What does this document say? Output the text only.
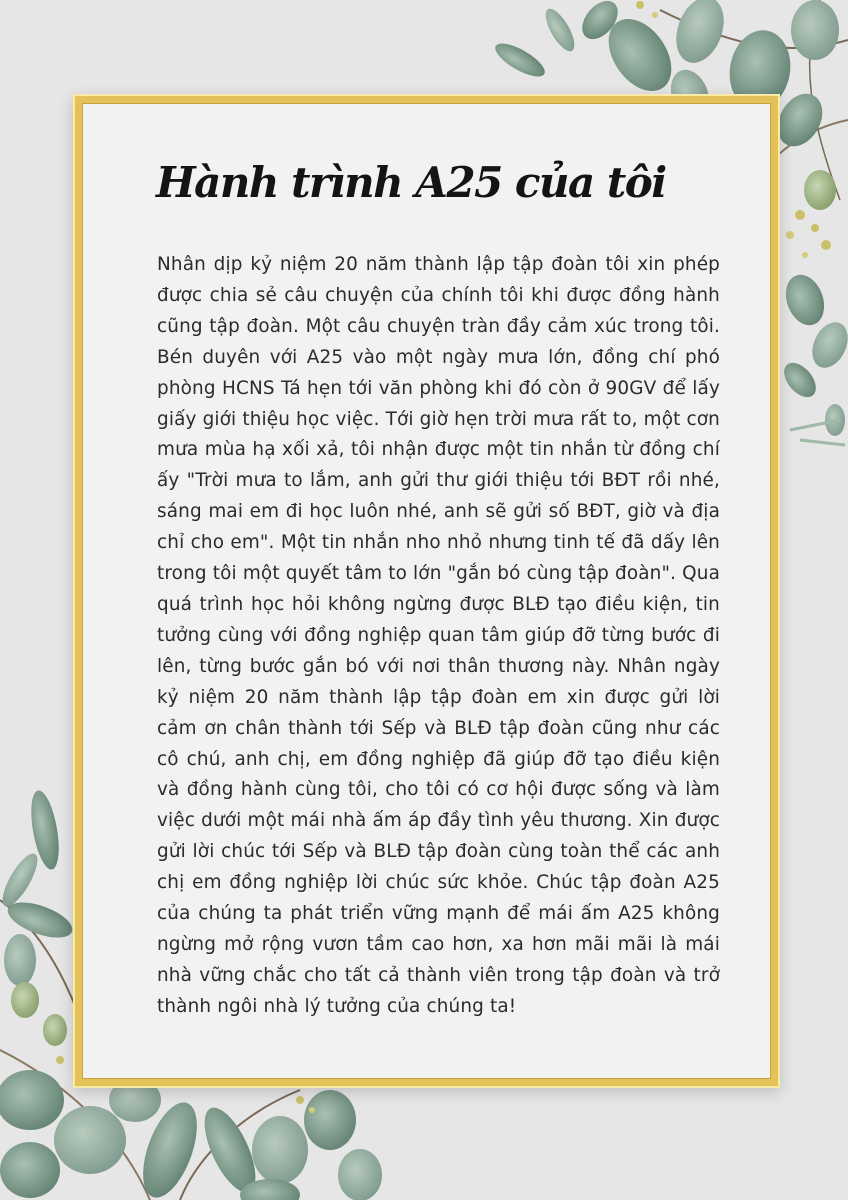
Hành trình A25 của tôi

Nhân dịp kỷ niệm 20 năm thành lập tập đoàn tôi xin phép được chia sẻ câu chuyện của chính tôi khi được đồng hành cũng tập đoàn. Một câu chuyện tràn đầy cảm xúc trong tôi. Bén duyên với A25 vào một ngày mưa lớn, đồng chí phó phòng HCNS Tá hẹn tới văn phòng khi đó còn ở 90GV để lấy giấy giới thiệu học việc. Tới giờ hẹn trời mưa rất to, một cơn mưa mùa hạ xối xả, tôi nhận được một tin nhắn từ đồng chí ấy "Trời mưa to lắm, anh gửi thư giới thiệu tới BĐT rồi nhé, sáng mai em đi học luôn nhé, anh sẽ gửi số BĐT, giờ và địa chỉ cho em". Một tin nhắn nho nhỏ nhưng tinh tế đã dấy lên trong tôi một quyết tâm to lớn "gắn bó cùng tập đoàn". Qua quá trình học hỏi không ngừng được BLĐ tạo điều kiện, tin tưởng cùng với đồng nghiệp quan tâm giúp đỡ từng bước đi lên, từng bước gắn bó với nơi thân thương này. Nhân ngày kỷ niệm 20 năm thành lập tập đoàn em xin được gửi lời cảm ơn chân thành tới Sếp và BLĐ tập đoàn cũng như các cô chú, anh chị, em đồng nghiệp đã giúp đỡ tạo điều kiện và đồng hành cùng tôi, cho tôi có cơ hội được sống và làm việc dưới một mái nhà ấm áp đầy tình yêu thương. Xin được gửi lời chúc tới Sếp và BLĐ tập đoàn cùng toàn thể các anh chị em đồng nghiệp lời chúc sức khỏe. Chúc tập đoàn A25 của chúng ta phát triển vững mạnh để mái ấm A25 không ngừng mở rộng vươn tầm cao hơn, xa hơn mãi mãi là mái nhà vững chắc cho tất cả thành viên trong tập đoàn và trở thành ngôi nhà lý tưởng của chúng ta!
